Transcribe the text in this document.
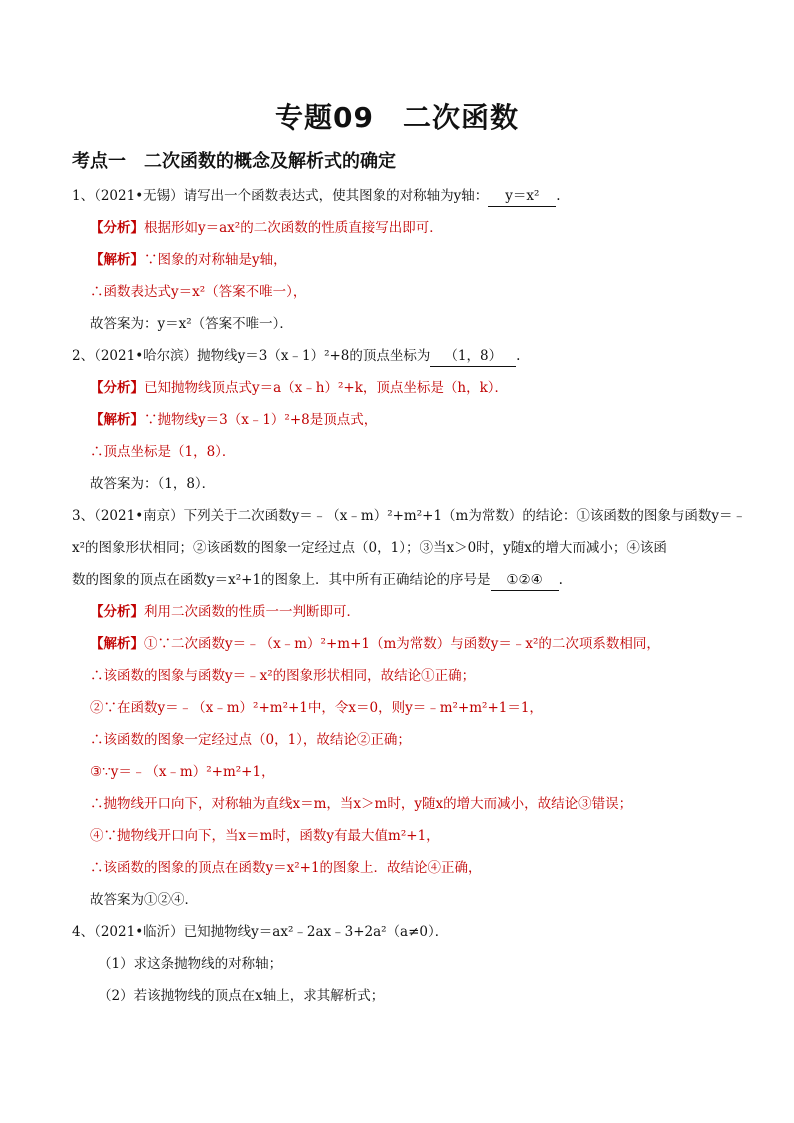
专题09　二次函数
考点一　二次函数的概念及解析式的确定
1、（2021•无锡）请写出一个函数表达式，使其图象的对称轴为y轴： y＝x² .
【分析】根据形如y＝ax²的二次函数的性质直接写出即可．
【解析】∵图象的对称轴是y轴，
∴函数表达式y＝x²（答案不唯一），
故答案为：y＝x²（答案不唯一）．
2、（2021•哈尔滨）抛物线y＝3（x﹣1）²+8的顶点坐标为 （1，8） .
【分析】已知抛物线顶点式y＝a（x﹣h）²+k，顶点坐标是（h，k）．
【解析】∵抛物线y＝3（x﹣1）²+8是顶点式，
∴顶点坐标是（1，8）．
故答案为：（1，8）．
3、（2021•南京）下列关于二次函数y＝﹣（x﹣m）²+m²+1（m为常数）的结论：①该函数的图象与函数y＝﹣
x²的图象形状相同；②该函数的图象一定经过点（0，1）；③当x＞0时，y随x的增大而减小；④该函
数的图象的顶点在函数y＝x²+1的图象上．其中所有正确结论的序号是 ①②④ .
【分析】利用二次函数的性质一一判断即可．
【解析】①∵二次函数y＝﹣（x﹣m）²+m+1（m为常数）与函数y＝﹣x²的二次项系数相同，
∴该函数的图象与函数y＝﹣x²的图象形状相同，故结论①正确；
②∵在函数y＝﹣（x﹣m）²+m²+1中，令x＝0，则y＝﹣m²+m²+1＝1，
∴该函数的图象一定经过点（0，1），故结论②正确；
③∵y＝﹣（x﹣m）²+m²+1，
∴抛物线开口向下，对称轴为直线x＝m，当x＞m时，y随x的增大而减小，故结论③错误；
④∵抛物线开口向下，当x＝m时，函数y有最大值m²+1，
∴该函数的图象的顶点在函数y＝x²+1的图象上．故结论④正确，
故答案为①②④．
4、（2021•临沂）已知抛物线y＝ax²﹣2ax﹣3+2a²（a≠0）．
（1）求这条抛物线的对称轴；
（2）若该抛物线的顶点在x轴上，求其解析式；
